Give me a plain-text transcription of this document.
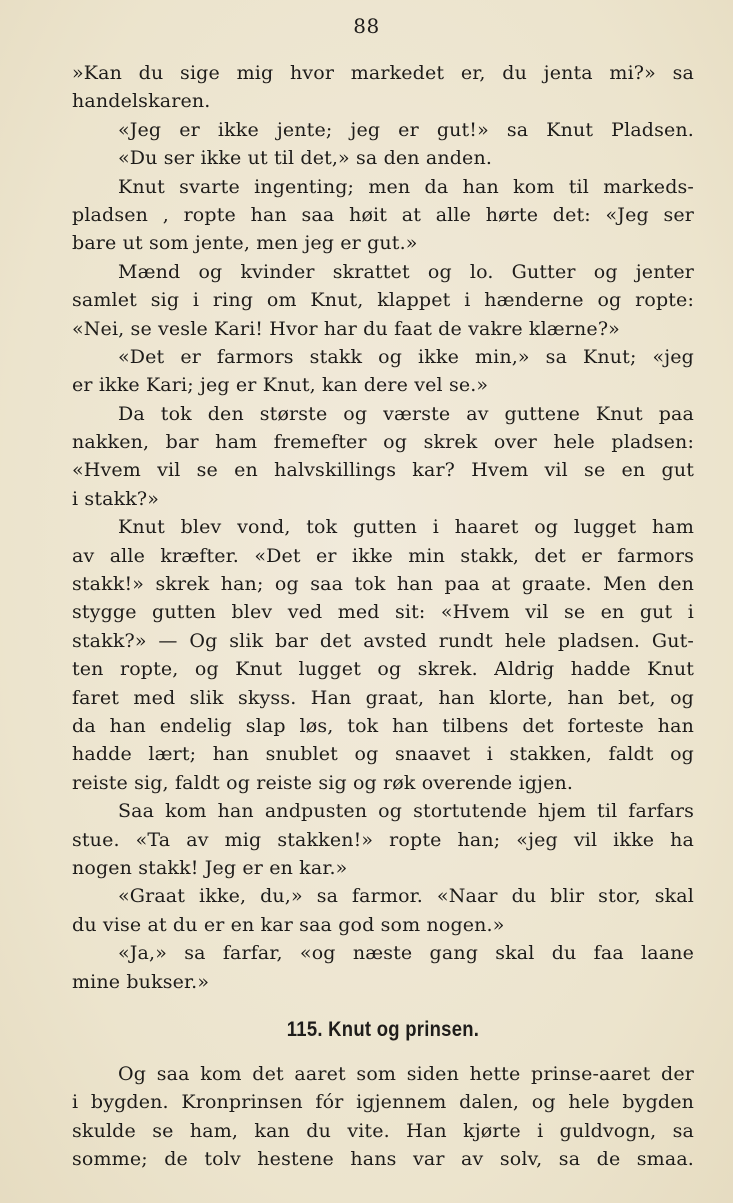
88
»Kan du sige mig hvor markedet er, du jenta mi?» sa
handelskaren.
«Jeg er ikke jente; jeg er gut!» sa Knut Pladsen.
«Du ser ikke ut til det,» sa den anden.
Knut svarte ingenting; men da han kom til markeds-
pladsen , ropte han saa høit at alle hørte det: «Jeg ser
bare ut som jente, men jeg er gut.»
Mænd og kvinder skrattet og lo. Gutter og jenter
samlet sig i ring om Knut, klappet i hænderne og ropte:
«Nei, se vesle Kari! Hvor har du faat de vakre klærne?»
«Det er farmors stakk og ikke min,» sa Knut; «jeg
er ikke Kari; jeg er Knut, kan dere vel se.»
Da tok den største og værste av guttene Knut paa
nakken, bar ham fremefter og skrek over hele pladsen:
«Hvem vil se en halvskillings kar? Hvem vil se en gut
i stakk?»
Knut blev vond, tok gutten i haaret og lugget ham
av alle kræfter. «Det er ikke min stakk, det er farmors
stakk!» skrek han; og saa tok han paa at graate. Men den
stygge gutten blev ved med sit: «Hvem vil se en gut i
stakk?» — Og slik bar det avsted rundt hele pladsen. Gut-
ten ropte, og Knut lugget og skrek. Aldrig hadde Knut
faret med slik skyss. Han graat, han klorte, han bet, og
da han endelig slap løs, tok han tilbens det forteste han
hadde lært; han snublet og snaavet i stakken, faldt og
reiste sig, faldt og reiste sig og røk overende igjen.
Saa kom han andpusten og stortutende hjem til farfars
stue. «Ta av mig stakken!» ropte han; «jeg vil ikke ha
nogen stakk! Jeg er en kar.»
«Graat ikke, du,» sa farmor. «Naar du blir stor, skal
du vise at du er en kar saa god som nogen.»
«Ja,» sa farfar, «og næste gang skal du faa laane
mine bukser.»
115. Knut og prinsen.
Og saa kom det aaret som siden hette prinse-aaret der
i bygden. Kronprinsen fór igjennem dalen, og hele bygden
skulde se ham, kan du vite. Han kjørte i guldvogn, sa
somme; de tolv hestene hans var av solv, sa de smaa.
